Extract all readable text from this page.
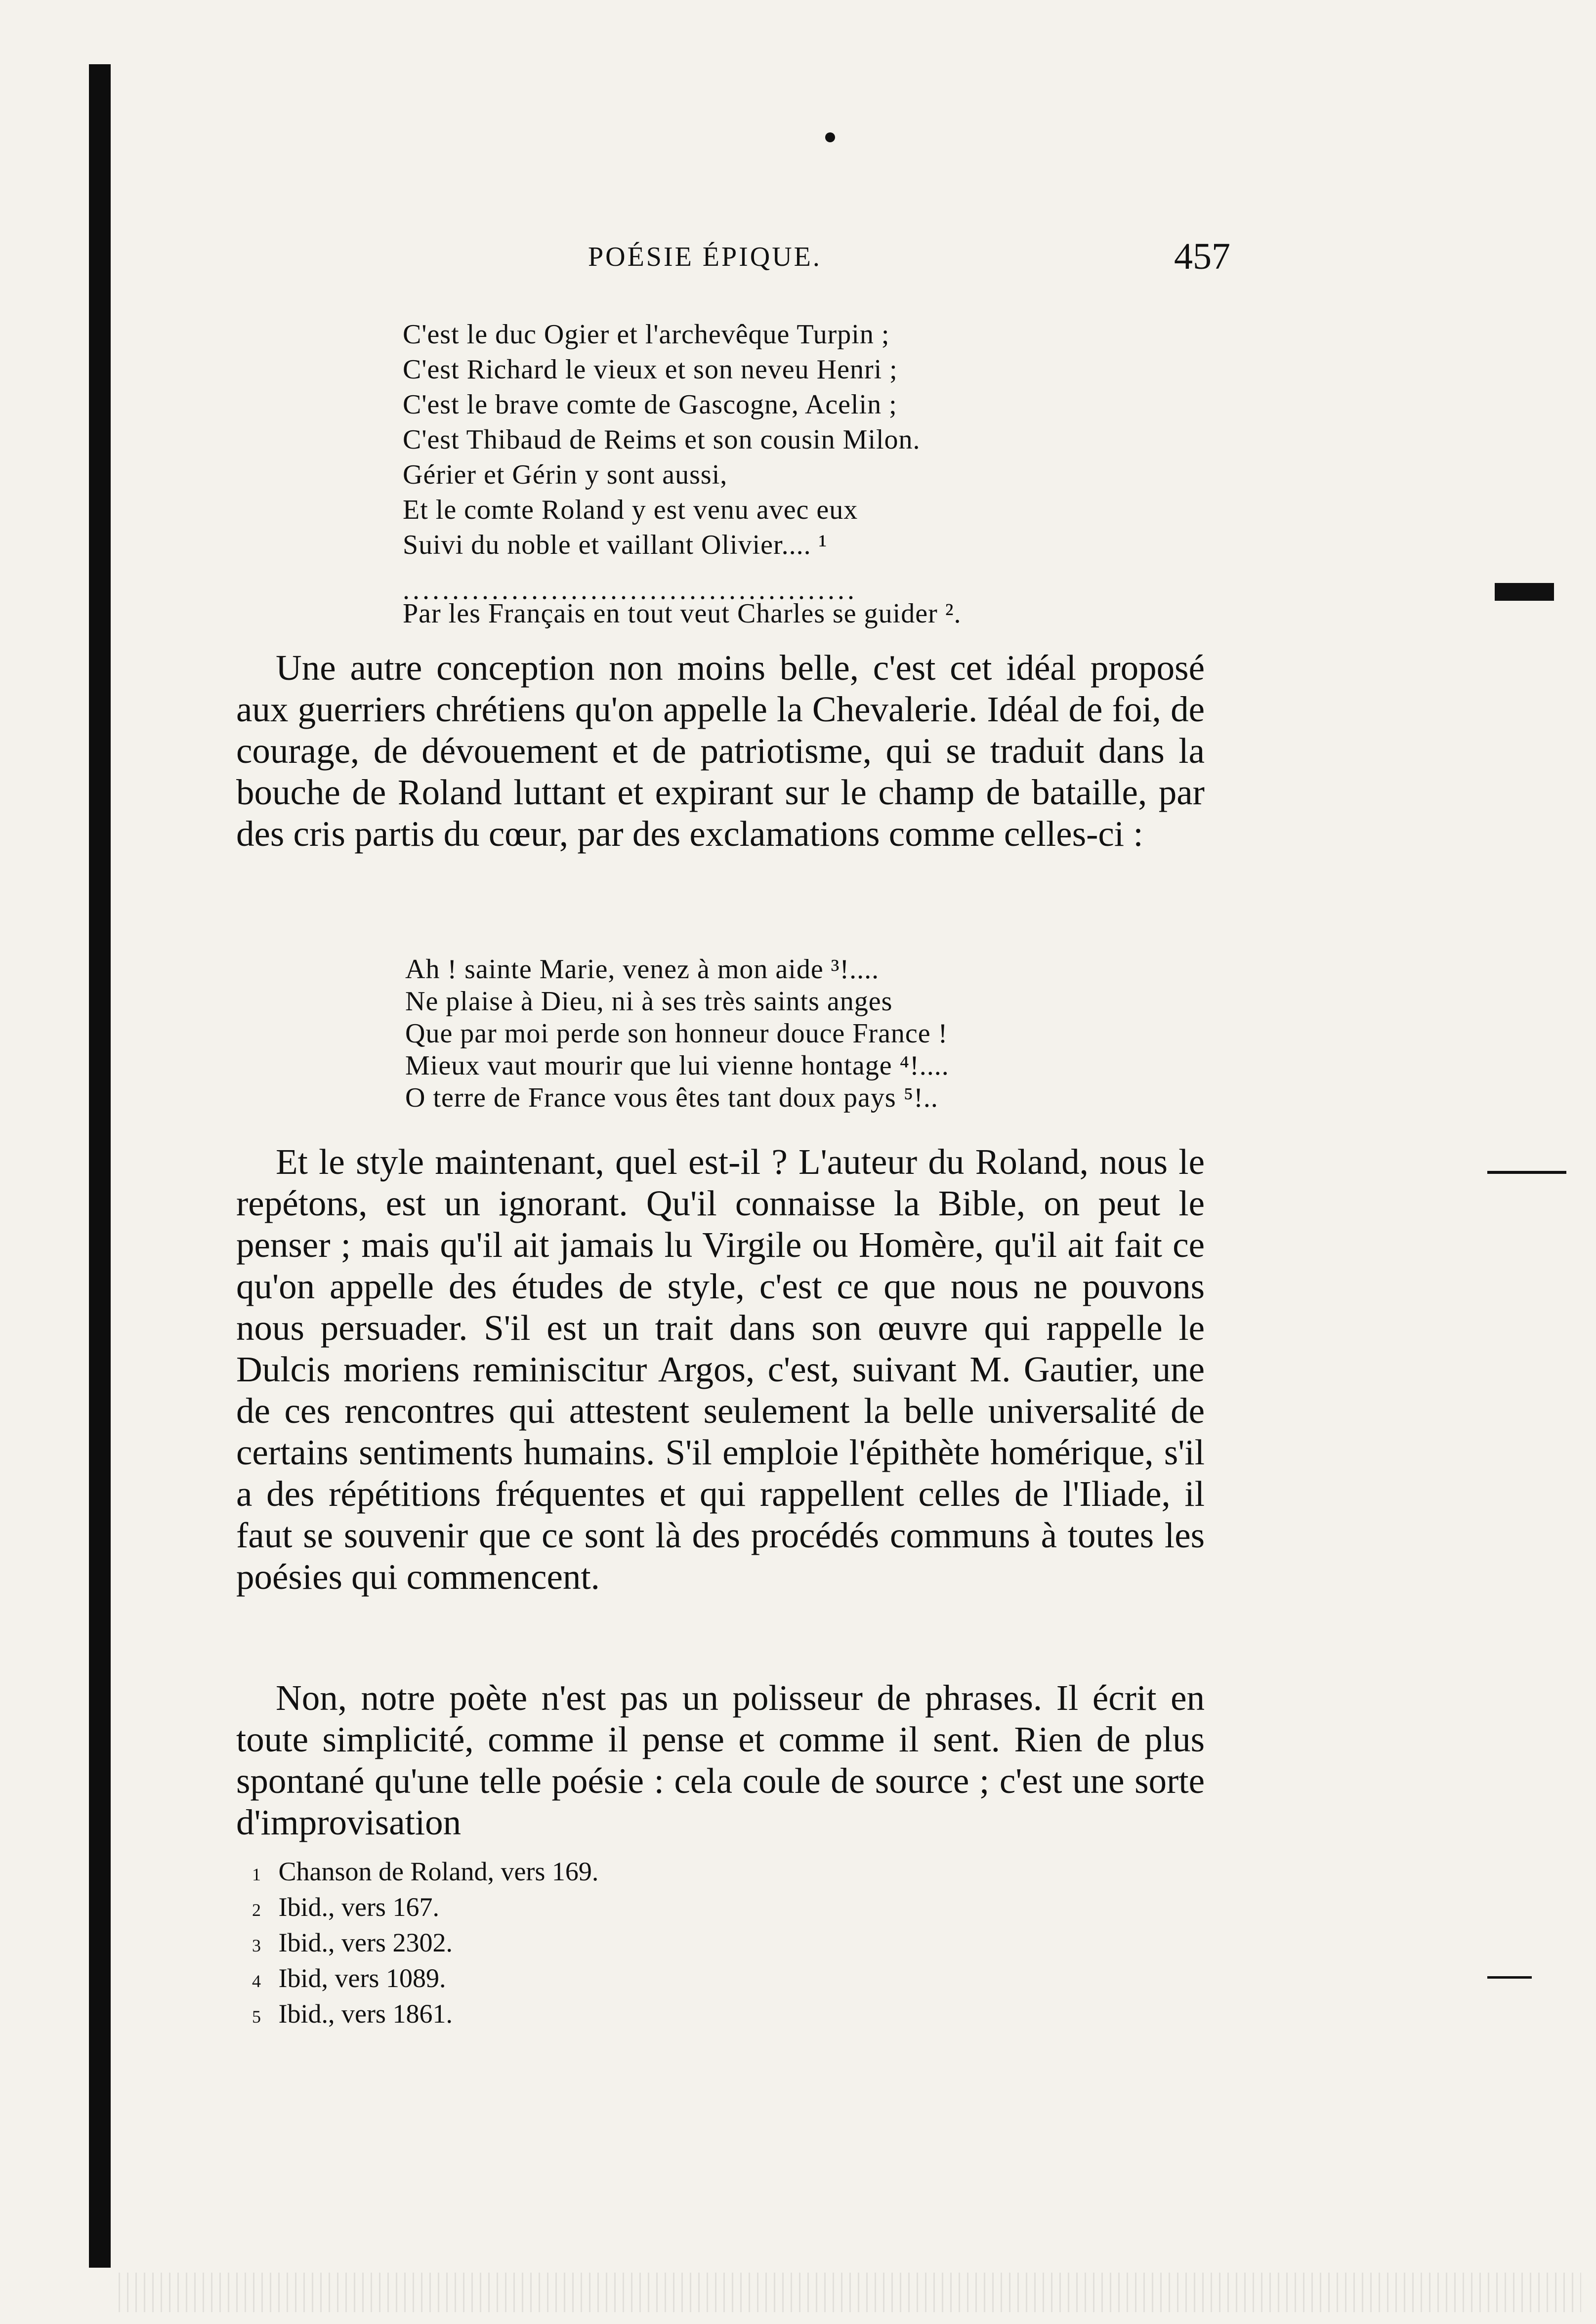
POÉSIE ÉPIQUE.	457
C'est le duc Ogier et l'archevêque Turpin ;
C'est Richard le vieux et son neveu Henri ;
C'est le brave comte de Gascogne, Acelin ;
C'est Thibaud de Reims et son cousin Milon.
Gérier et Gérin y sont aussi,
Et le comte Roland y est venu avec eux
Suivi du noble et vaillant Olivier.... ¹
..............................................
Par les Français en tout veut Charles se guider ².

Une autre conception non moins belle, c'est cet idéal proposé aux guerriers chrétiens qu'on appelle la Chevalerie. Idéal de foi, de courage, de dévouement et de patriotisme, qui se traduit dans la bouche de Roland luttant et expirant sur le champ de bataille, par des cris partis du cœur, par des exclamations comme celles-ci :

Ah ! sainte Marie, venez à mon aide ³!....
Ne plaise à Dieu, ni à ses très saints anges
Que par moi perde son honneur douce France !
Mieux vaut mourir que lui vienne hontage ⁴!....
O terre de France vous êtes tant doux pays ⁵!..

Et le style maintenant, quel est-il ? L'auteur du Roland, nous le repétons, est un ignorant. Qu'il connaisse la Bible, on peut le penser ; mais qu'il ait jamais lu Virgile ou Homère, qu'il ait fait ce qu'on appelle des études de style, c'est ce que nous ne pouvons nous persuader. S'il est un trait dans son œuvre qui rappelle le Dulcis moriens reminiscitur Argos, c'est, suivant M. Gautier, une de ces rencontres qui attestent seulement la belle universalité de certains sentiments humains. S'il emploie l'épithète homérique, s'il a des répétitions fréquentes et qui rappellent celles de l'Iliade, il faut se souvenir que ce sont là des procédés communs à toutes les poésies qui commencent.

Non, notre poète n'est pas un polisseur de phrases. Il écrit en toute simplicité, comme il pense et comme il sent. Rien de plus spontané qu'une telle poésie : cela coule de source ; c'est une sorte d'improvisation

1 Chanson de Roland, vers 169.
2 Ibid., vers 167.
3 Ibid., vers 2302.
4 Ibid, vers 1089.
5 Ibid., vers 1861.
